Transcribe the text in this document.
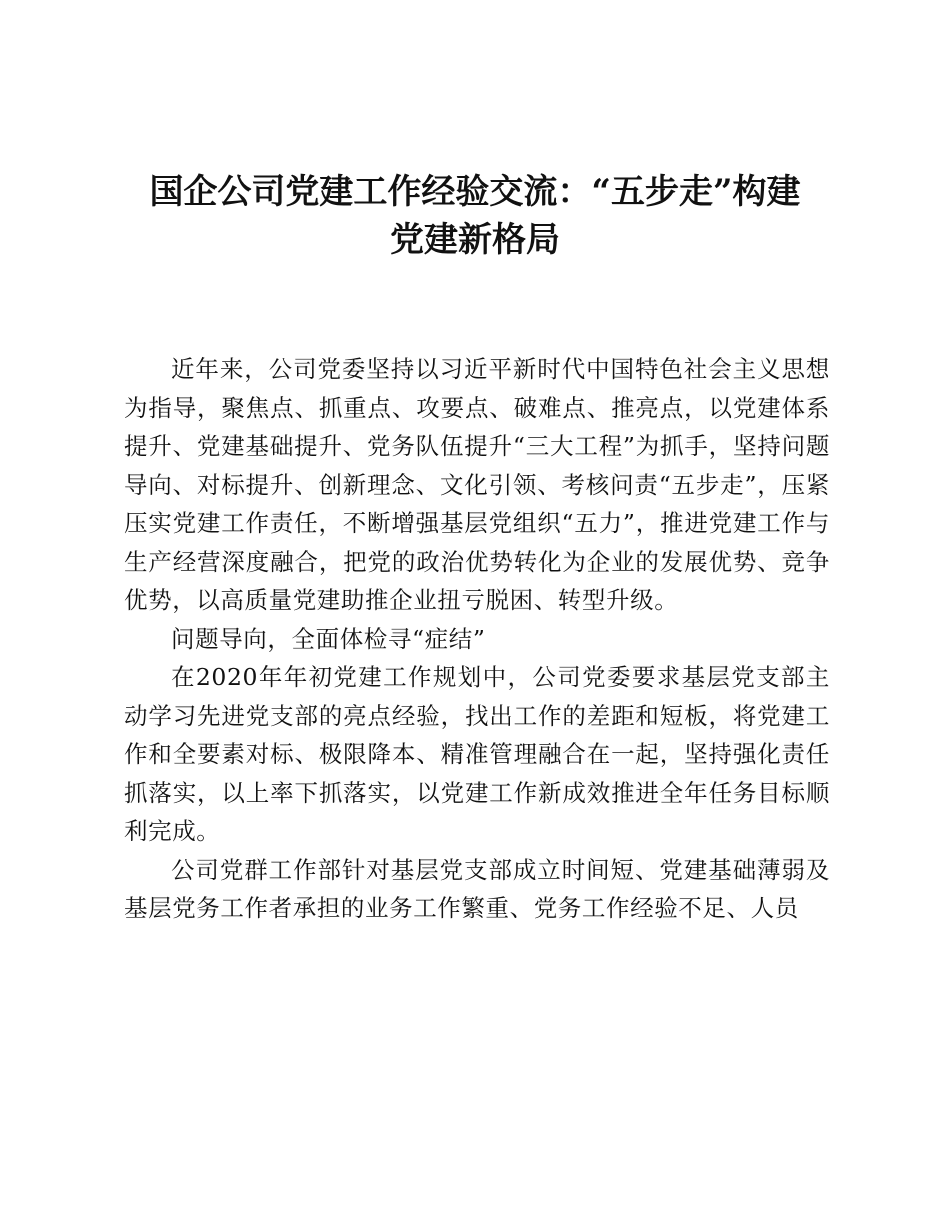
国企公司党建工作经验交流：“五步走”构建
党建新格局

近年来，公司党委坚持以习近平新时代中国特色社会主义思想为指导，聚焦点、抓重点、攻要点、破难点、推亮点，以党建体系提升、党建基础提升、党务队伍提升“三大工程”为抓手，坚持问题导向、对标提升、创新理念、文化引领、考核问责“五步走”，压紧压实党建工作责任，不断增强基层党组织“五力”，推进党建工作与生产经营深度融合，把党的政治优势转化为企业的发展优势、竞争优势，以高质量党建助推企业扭亏脱困、转型升级。

问题导向，全面体检寻“症结”

在2020年年初党建工作规划中，公司党委要求基层党支部主动学习先进党支部的亮点经验，找出工作的差距和短板，将党建工作和全要素对标、极限降本、精准管理融合在一起，坚持强化责任抓落实，以上率下抓落实，以党建工作新成效推进全年任务目标顺利完成。

公司党群工作部针对基层党支部成立时间短、党建基础薄弱及基层党务工作者承担的业务工作繁重、党务工作经验不足、人员
